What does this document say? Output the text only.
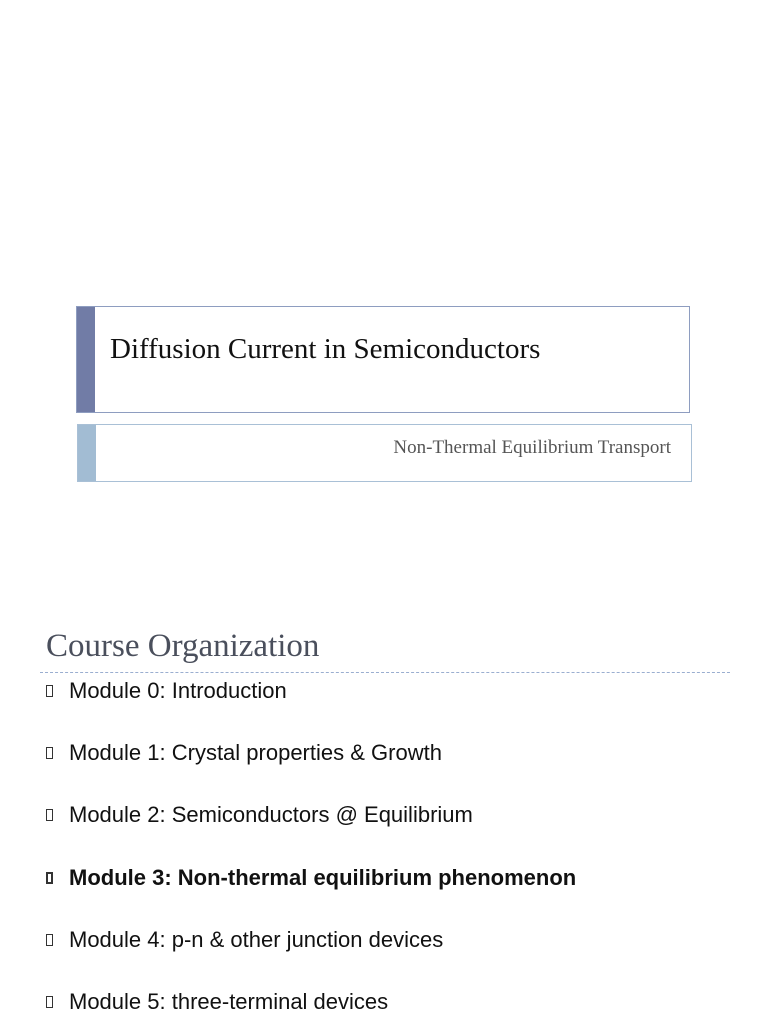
Diffusion Current in Semiconductors
Non-Thermal Equilibrium Transport
Course Organization
Module 0: Introduction
Module 1: Crystal properties & Growth
Module 2: Semiconductors @ Equilibrium
Module 3: Non-thermal equilibrium phenomenon
Module 4: p-n & other junction devices
Module 5: three-terminal devices
